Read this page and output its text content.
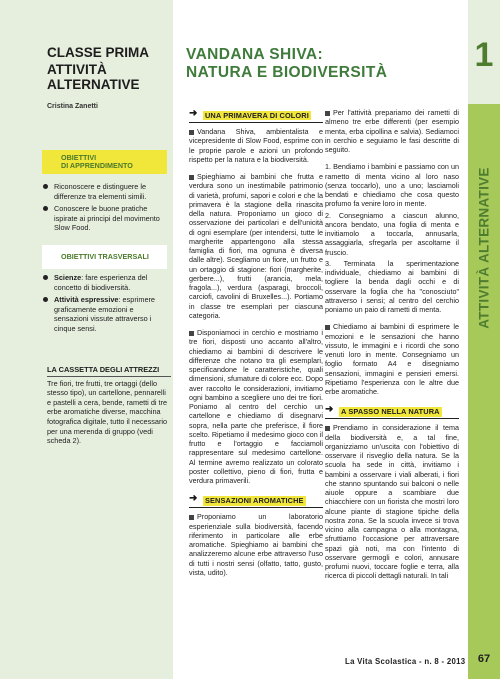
1
ATTIVITÀ ALTERNATIVE
CLASSE PRIMA
ATTIVITÀ ALTERNATIVE
Cristina Zanetti
OBIETTIVI
DI APPRENDIMENTO
Riconoscere e distinguere le differenze tra elementi simili.
Conoscere le buone pratiche ispirate ai principi del movimento Slow Food.
OBIETTIVI TRASVERSALI
Scienze: fare esperienza del concetto di biodiversità.
Attività espressive: esprimere graficamente emozioni e sensazioni vissute attraverso i cinque sensi.
LA CASSETTA DEGLI ATTREZZI
Tre fiori, tre frutti, tre ortaggi (dello stesso tipo), un cartellone, pennarelli e pastelli a cera, bende, rametti di tre erbe aromatiche diverse, macchina fotografica digitale, tutto il necessario per una merenda di gruppo (vedi scheda 2).
VANDANA SHIVA:
NATURA E BIODIVERSITÀ
➜ UNA PRIMAVERA DI COLORI

Vandana Shiva, ambientalista e vicepresidente di Slow Food, esprime con le proprie parole e azioni un profondo rispetto per la natura e la biodiversità.

Spieghiamo ai bambini che frutta e verdura sono un inestimabile patrimonio di varietà, profumi, sapori e colori e che la primavera è la stagione della rinascita della natura. Proponiamo un gioco di osservazione dei particolari e dell'unicità di ogni esemplare (per intendersi, tutte le margherite appartengono alla stessa famiglia di fiori, ma ognuna è diversa dalle altre). Scegliamo un fiore, un frutto e un ortaggio di stagione: fiori (margherite, gerbere...), frutti (arancia, mela, fragola...), verdura (asparagi, broccoli, carciofi, cavolini di Bruxelles...). Portiamo in classe tre esemplari per ciascuna categoria.

Disponiamoci in cerchio e mostriamo i tre fiori, disposti uno accanto all'altro, chiediamo ai bambini di descrivere le differenze che notano tra gli esemplari, specificandone le caratteristiche, quali dimensioni, sfumature di colore ecc. Dopo aver raccolto le considerazioni, invitiamo ogni bambino a scegliere uno dei tre fiori. Poniamo al centro del cerchio un cartellone e chiediamo di disegnarvi sopra, nella parte che preferisce, il fiore scelto. Ripetiamo il medesimo gioco con il frutto e l'ortaggio e facciamoli rappresentare sul medesimo cartellone. Al termine avremo realizzato un colorato poster collettivo, pieno di fiori, frutta e verdura primaverili.

➜ SENSAZIONI AROMATICHE

Proponiamo un laboratorio esperienziale sulla biodiversità, facendo riferimento in particolare alle erbe aromatiche. Spieghiamo ai bambini che analizzeremo alcune erbe attraverso l'uso di tutti i nostri sensi (olfatto, tatto, gusto, vista, udito).

Per l'attività prepariamo dei rametti di almeno tre erbe differenti (per esempio menta, erba cipollina e salvia). Sediamoci in cerchio e seguiamo le fasi descritte di seguito.

1. Bendiamo i bambini e passiamo con un rametto di menta vicino al loro naso (senza toccarlo), uno a uno; lasciamoli bendati e chiediamo che cosa questo profumo fa venire loro in mente.

2. Consegniamo a ciascun alunno, ancora bendato, una foglia di menta e invitiamolo a toccarla, annusarla, assaggiarla, sfregarla per ascoltarne il fruscio.

3. Terminata la sperimentazione individuale, chiediamo ai bambini di togliere la benda dagli occhi e di osservare la foglia che ha "conosciuto" attraverso i sensi; al centro del cerchio poniamo un paio di rametti di menta.

Chiediamo ai bambini di esprimere le emozioni e le sensazioni che hanno vissuto, le immagini e i ricordi che sono venuti loro in mente. Consegniamo un foglio formato A4 e disegniamo sensazioni, immagini e pensieri emersi. Ripetiamo l'esperienza con le altre due erbe aromatiche.

➜ A SPASSO NELLA NATURA

Prendiamo in considerazione il tema della biodiversità e, a tal fine, organizziamo un'uscita con l'obiettivo di osservare il risveglio della natura. Se la scuola ha sede in città, invitiamo i bambini a osservare i viali alberati, i fiori che stanno spuntando sui balconi o nelle aiuole oppure a scambiare due chiacchiere con un fiorista che mostri loro alcune piante di stagione tipiche della nostra zona. Se la scuola invece si trova vicino alla campagna o alla montagna, sfruttiamo l'occasione per attraversare spazi già noti, ma con l'intento di osservare germogli e colori, annusare profumi nuovi, toccare foglie e terra, alla ricerca di piccoli dettagli naturali. In tali

La Vita Scolastica - n. 8 - 2013	67
